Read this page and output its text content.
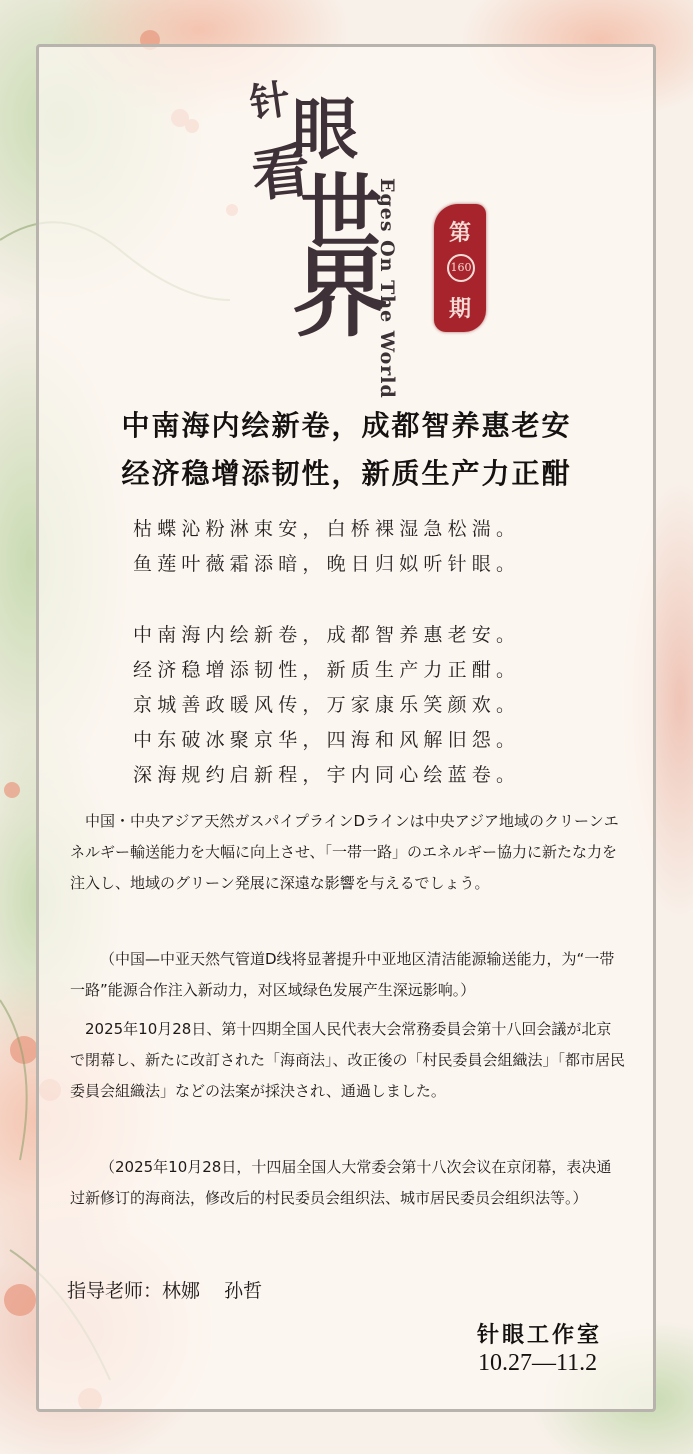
针
眼
看
世
界
Eges On The World	第
160
期
中南海内绘新卷，成都智养惠老安
经济稳增添韧性，新质生产力正酣
枯蝶沁粉淋束安，白桥裸湿急松湍。
鱼莲叶薇霜添暗，晚日归姒听针眼。
中南海内绘新卷，成都智养惠老安。
经济稳增添韧性，新质生产力正酣。
京城善政暖风传，万家康乐笑颜欢。
中东破冰聚京华，四海和风解旧怨。
深海规约启新程，宇内同心绘蓝卷。
中国・中央アジア天然ガスパイプラインDラインは中央アジア地域のクリーンエネルギー輸送能力を大幅に向上させ、「一帯一路」のエネルギー協力に新たな力を注入し、地域のグリーン発展に深遠な影響を与えるでしょう。
（中国—中亚天然气管道D线将显著提升中亚地区清洁能源输送能力，为“一带一路”能源合作注入新动力，对区域绿色发展产生深远影响。）
2025年10月28日、第十四期全国人民代表大会常務委員会第十八回会議が北京で閉幕し、新たに改訂された「海商法」、改正後の「村民委員会組織法」「都市居民委員会組織法」などの法案が採決され、通過しました。
（2025年10月28日，十四届全国人大常委会第十八次会议在京闭幕，表决通过新修订的海商法，修改后的村民委员会组织法、城市居民委员会组织法等。）
指导老师：林娜    孙哲
针眼工作室
10.27—11.2
